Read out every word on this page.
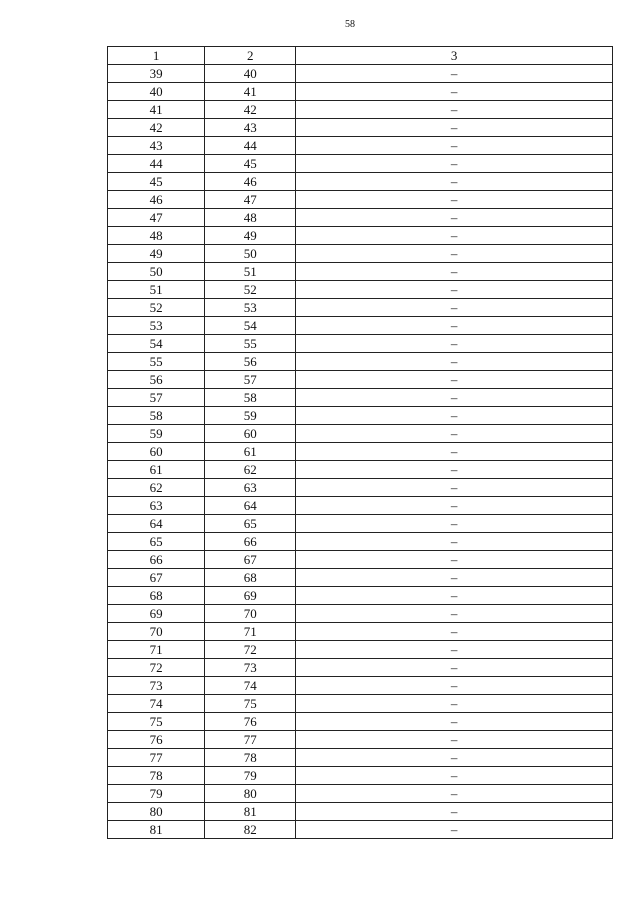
58
1	2	3
39	40	–
40	41	–
41	42	–
42	43	–
43	44	–
44	45	–
45	46	–
46	47	–
47	48	–
48	49	–
49	50	–
50	51	–
51	52	–
52	53	–
53	54	–
54	55	–
55	56	–
56	57	–
57	58	–
58	59	–
59	60	–
60	61	–
61	62	–
62	63	–
63	64	–
64	65	–
65	66	–
66	67	–
67	68	–
68	69	–
69	70	–
70	71	–
71	72	–
72	73	–
73	74	–
74	75	–
75	76	–
76	77	–
77	78	–
78	79	–
79	80	–
80	81	–
81	82	–
